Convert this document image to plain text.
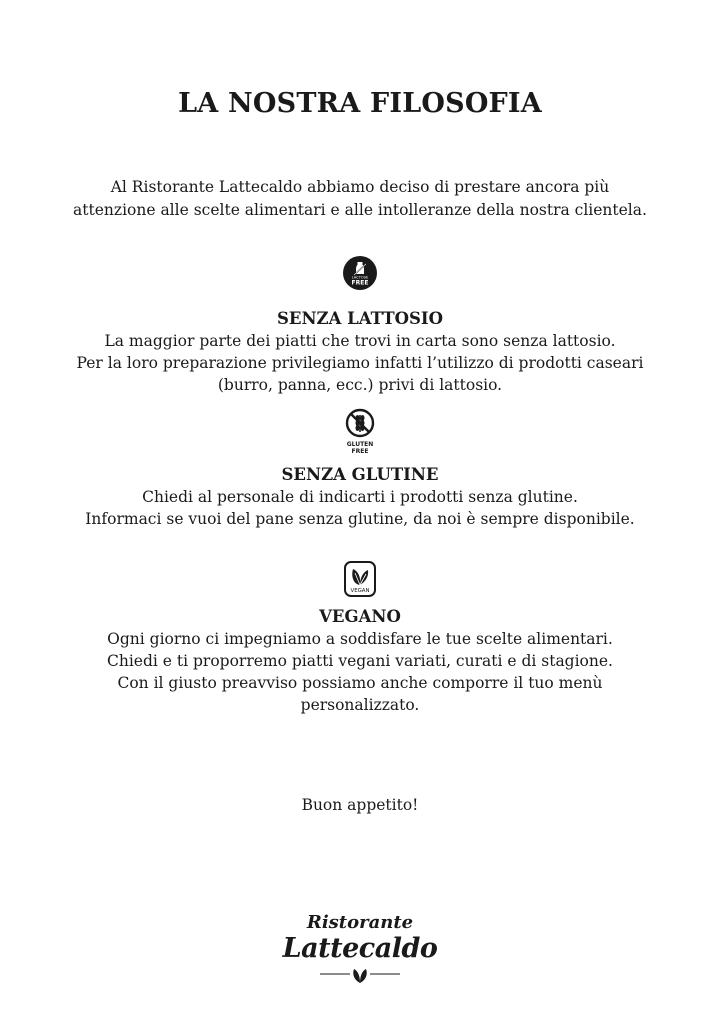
LA NOSTRA FILOSOFIA

Al Ristorante Lattecaldo abbiamo deciso di prestare ancora più
attenzione alle scelte alimentari e alle intolleranze della nostra clientela.

LACTOSE
FREE
SENZA LATTOSIO

La maggior parte dei piatti che trovi in carta sono senza lattosio.
Per la loro preparazione privilegiamo infatti l’utilizzo di prodotti caseari
(burro, panna, ecc.) privi di lattosio.

GLUTEN
FREE
SENZA GLUTINE

Chiedi al personale di indicarti i prodotti senza glutine.
Informaci se vuoi del pane senza glutine, da noi è sempre disponibile.

VEGAN
VEGANO

Ogni giorno ci impegniamo a soddisfare le tue scelte alimentari.
Chiedi e ti proporremo piatti vegani variati, curati e di stagione.
Con il giusto preavviso possiamo anche comporre il tuo menù
personalizzato.

Buon appetito!

Ristorante
Lattecaldo
